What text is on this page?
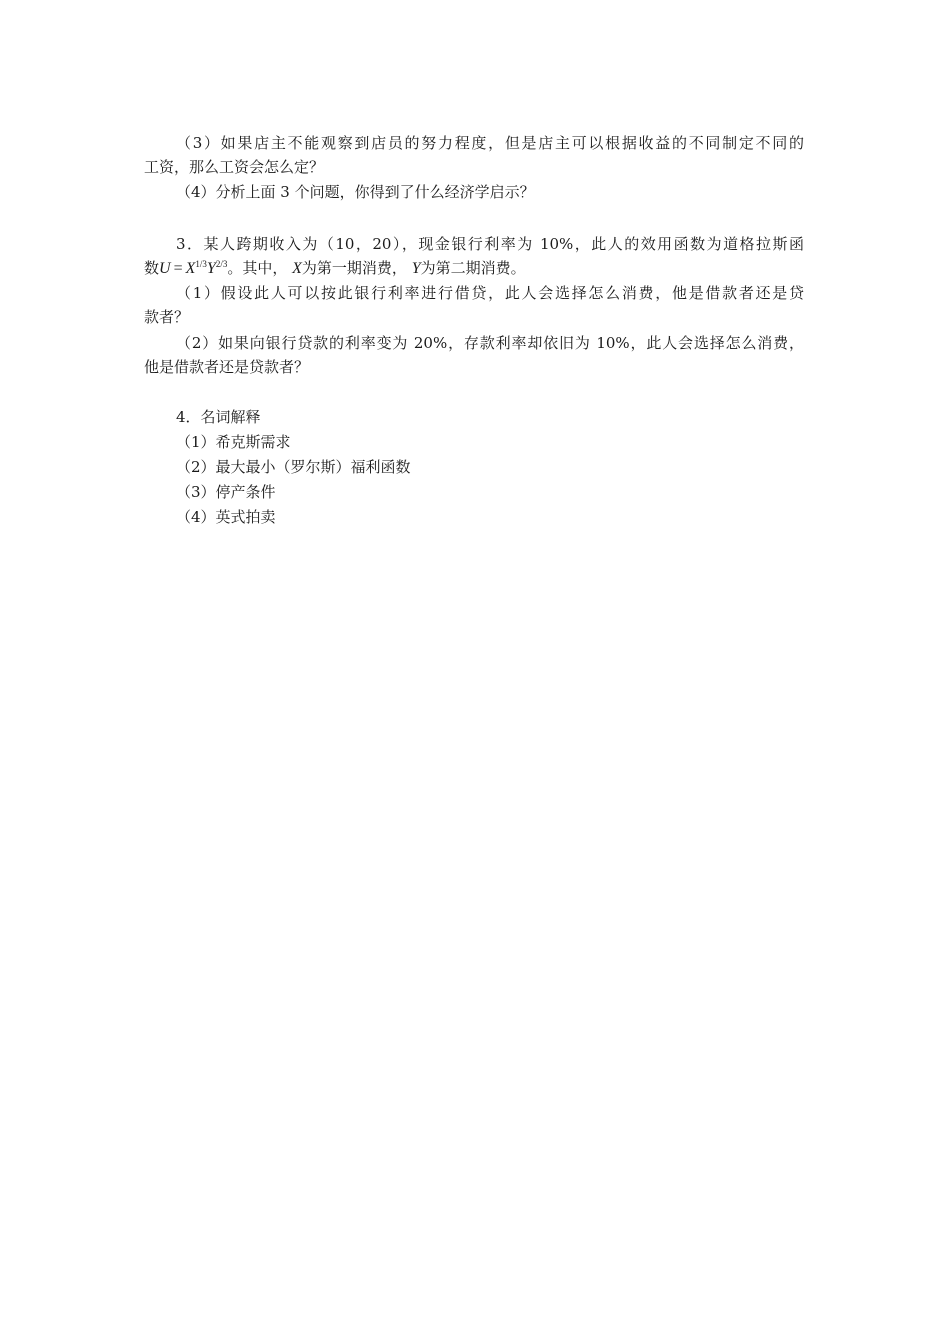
（3）如果店主不能观察到店员的努力程度，但是店主可以根据收益的不同制定不同的
工资，那么工资会怎么定？
（4）分析上面 3 个问题，你得到了什么经济学启示？
3．某人跨期收入为（10，20），现金银行利率为 10%，此人的效用函数为道格拉斯函
数$U = X^{1/3}Y^{2/3}$。其中， X为第一期消费， Y为第二期消费。
（1）假设此人可以按此银行利率进行借贷，此人会选择怎么消费，他是借款者还是贷
款者？
（2）如果向银行贷款的利率变为 20%，存款利率却依旧为 10%，此人会选择怎么消费，
他是借款者还是贷款者？
4．名词解释
（1）希克斯需求
（2）最大最小（罗尔斯）福利函数
（3）停产条件
（4）英式拍卖
